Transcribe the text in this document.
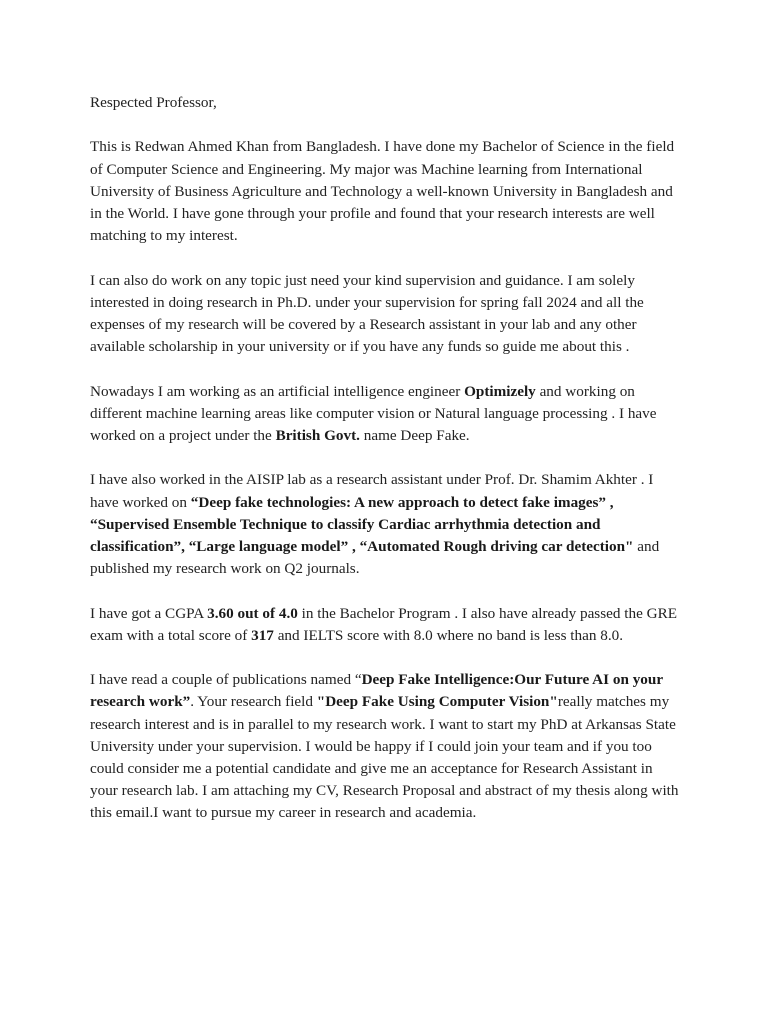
Respected Professor,

This is Redwan Ahmed Khan from Bangladesh. I have done my Bachelor of Science in the field of Computer Science and Engineering. My major was Machine learning from International University of Business Agriculture and Technology a well-known University in Bangladesh and in the World. I have gone through your profile and found that your research interests are well matching to my interest.

I can also do work on any topic just need your kind supervision and guidance. I am solely interested in doing research in Ph.D. under your supervision for spring fall 2024 and all the expenses of my research will be covered by a Research assistant in your lab and any other available scholarship in your university or if you have any funds so guide me about this .

Nowadays I am working as an artificial intelligence engineer Optimizely and working on different machine learning areas like computer vision or Natural language processing . I have worked on a project under the British Govt. name Deep Fake.

I have also worked in the AISIP lab as a research assistant under Prof. Dr. Shamim Akhter . I have worked on “Deep fake technologies: A new approach to detect fake images” , “Supervised Ensemble Technique to classify Cardiac arrhythmia detection and classification”, “Large language model” , “Automated Rough driving car detection" and published my research work on Q2 journals.

I have got a CGPA 3.60 out of 4.0 in the Bachelor Program . I also have already passed the GRE exam with a total score of 317 and IELTS score with 8.0 where no band is less than 8.0.

I have read a couple of publications named “Deep Fake Intelligence:Our Future AI on your research work”. Your research field "Deep Fake Using Computer Vision"really matches my research interest and is in parallel to my research work. I want to start my PhD at Arkansas State University under your supervision. I would be happy if I could join your team and if you too could consider me a potential candidate and give me an acceptance for Research Assistant in your research lab. I am attaching my CV, Research Proposal and abstract of my thesis along with this email.I want to pursue my career in research and academia.
